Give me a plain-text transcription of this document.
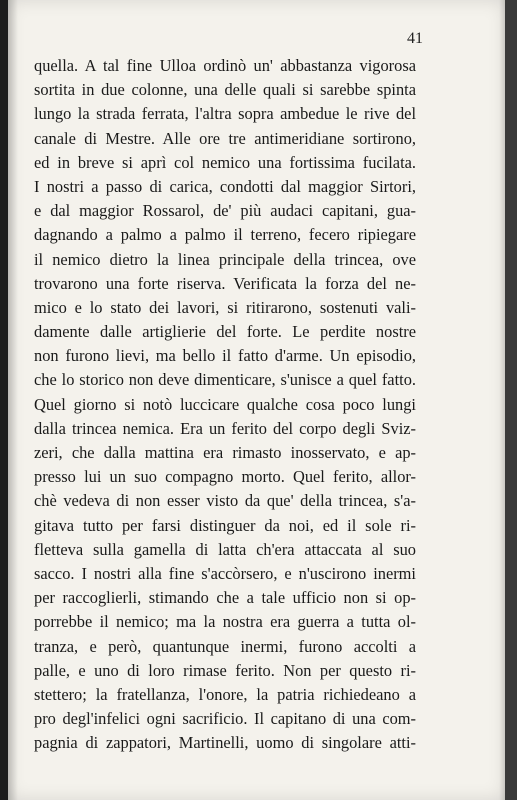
41
quella. A tal fine Ulloa ordinò un' abbastanza vigorosa
sortita in due colonne, una delle quali si sarebbe spinta
lungo la strada ferrata, l'altra sopra ambedue le rive del
canale di Mestre. Alle ore tre antimeridiane sortirono,
ed in breve si aprì col nemico una fortissima fucilata.
I nostri a passo di carica, condotti dal maggior Sirtori,
e dal maggior Rossarol, de' più audaci capitani, gua-
dagnando a palmo a palmo il terreno, fecero ripiegare
il nemico dietro la linea principale della trincea, ove
trovarono una forte riserva. Verificata la forza del ne-
mico e lo stato dei lavori, si ritirarono, sostenuti vali-
damente dalle artiglierie del forte. Le perdite nostre
non furono lievi, ma bello il fatto d'arme. Un episodio,
che lo storico non deve dimenticare, s'unisce a quel fatto.
Quel giorno si notò luccicare qualche cosa poco lungi
dalla trincea nemica. Era un ferito del corpo degli Sviz-
zeri, che dalla mattina era rimasto inosservato, e ap-
presso lui un suo compagno morto. Quel ferito, allor-
chè vedeva di non esser visto da que' della trincea, s'a-
gitava tutto per farsi distinguer da noi, ed il sole ri-
fletteva sulla gamella di latta ch'era attaccata al suo
sacco. I nostri alla fine s'accòrsero, e n'uscirono inermi
per raccoglierli, stimando che a tale ufficio non si op-
porrebbe il nemico; ma la nostra era guerra a tutta ol-
tranza, e però, quantunque inermi, furono accolti a
palle, e uno di loro rimase ferito. Non per questo ri-
stettero; la fratellanza, l'onore, la patria richiedeano a
pro degl'infelici ogni sacrificio. Il capitano di una com-
pagnia di zappatori, Martinelli, uomo di singolare atti-
